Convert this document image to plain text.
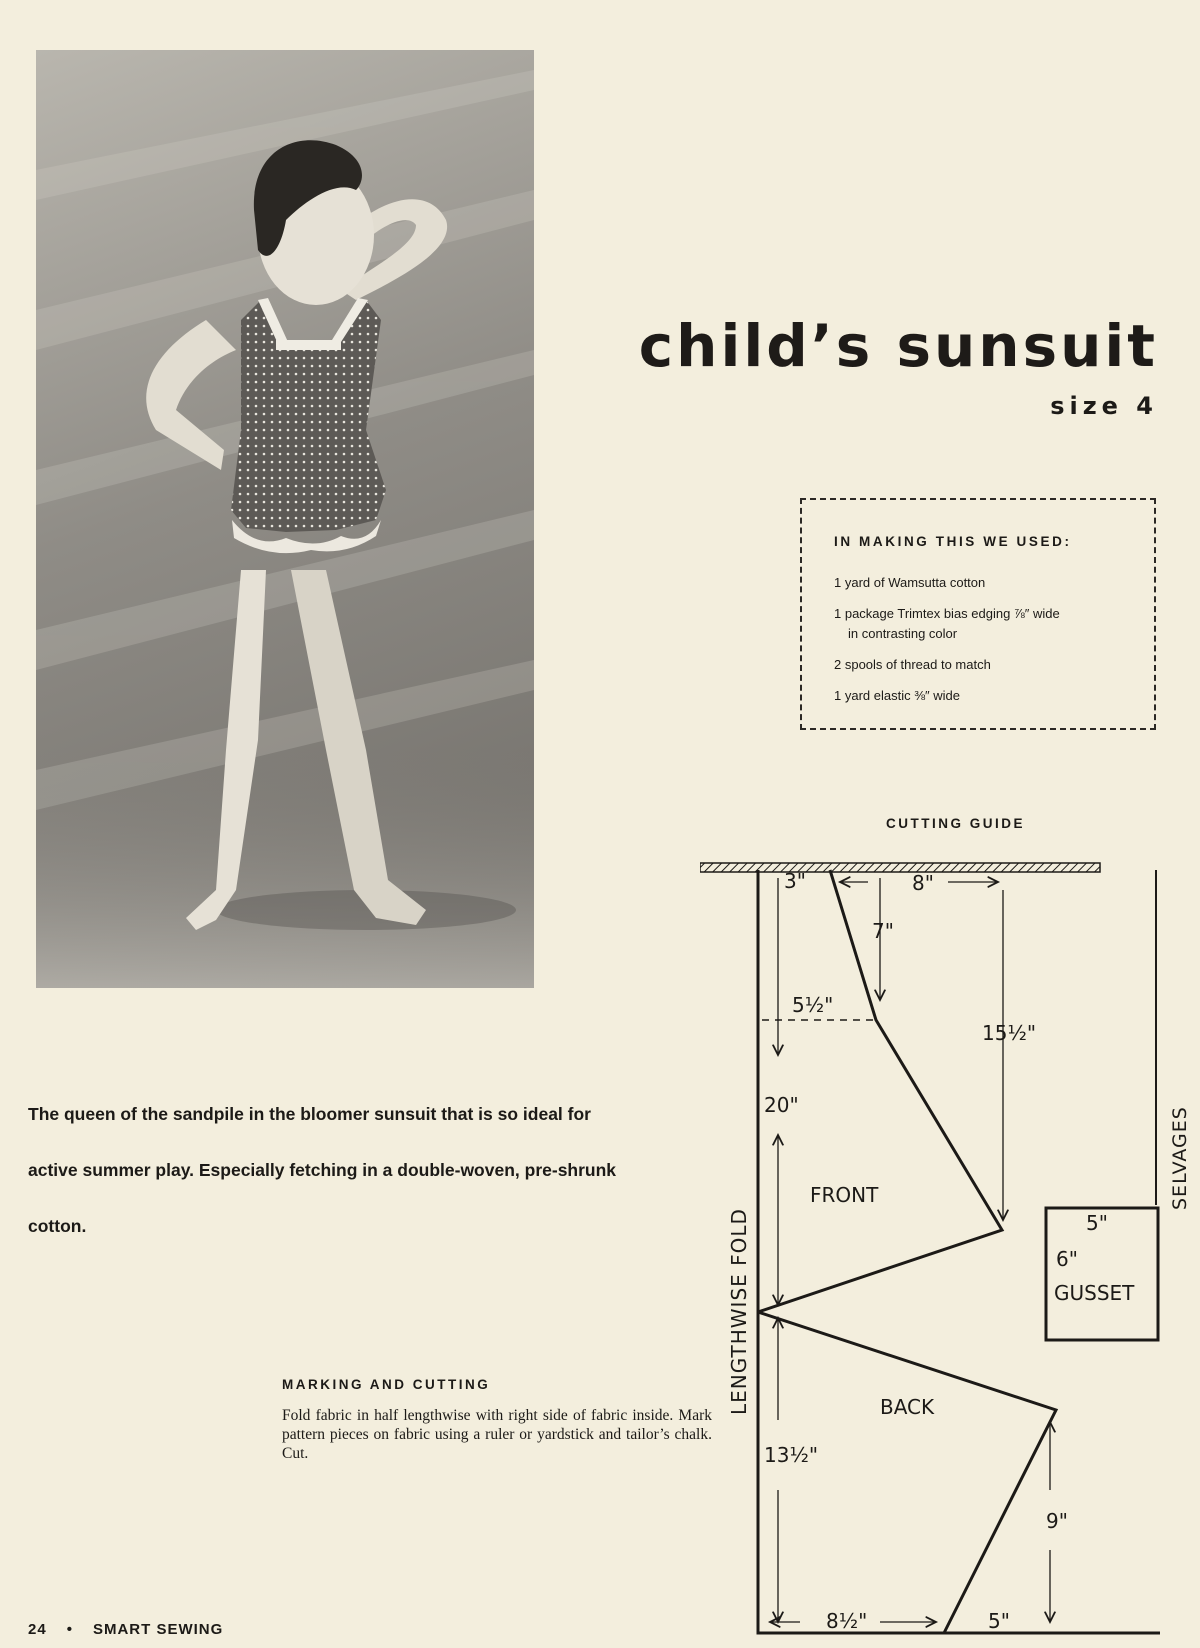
child’s sunsuit
size 4
IN MAKING THIS WE USED:
1 yard of Wamsutta cotton
1 package Trimtex bias edging ⅞″ wide
in contrasting color
2 spools of thread to match
1 yard elastic ⅜″ wide

The queen of the sandpile in the bloomer sunsuit that is so ideal for active summer play. Especially fetching in a double-woven, pre-shrunk cotton.

MARKING AND CUTTING

Fold fabric in half lengthwise with right side of fabric inside. Mark pattern pieces on fabric using a ruler or yardstick and tailor’s chalk. Cut.

CUTTING GUIDE
3"	8"
7"
5½"
15½"
20"
FRONT
5"
6"
GUSSET
BACK
13½"
9"
8½"	5"
LENGTHWISE FOLD
SELVAGES
24 • SMART SEWING
